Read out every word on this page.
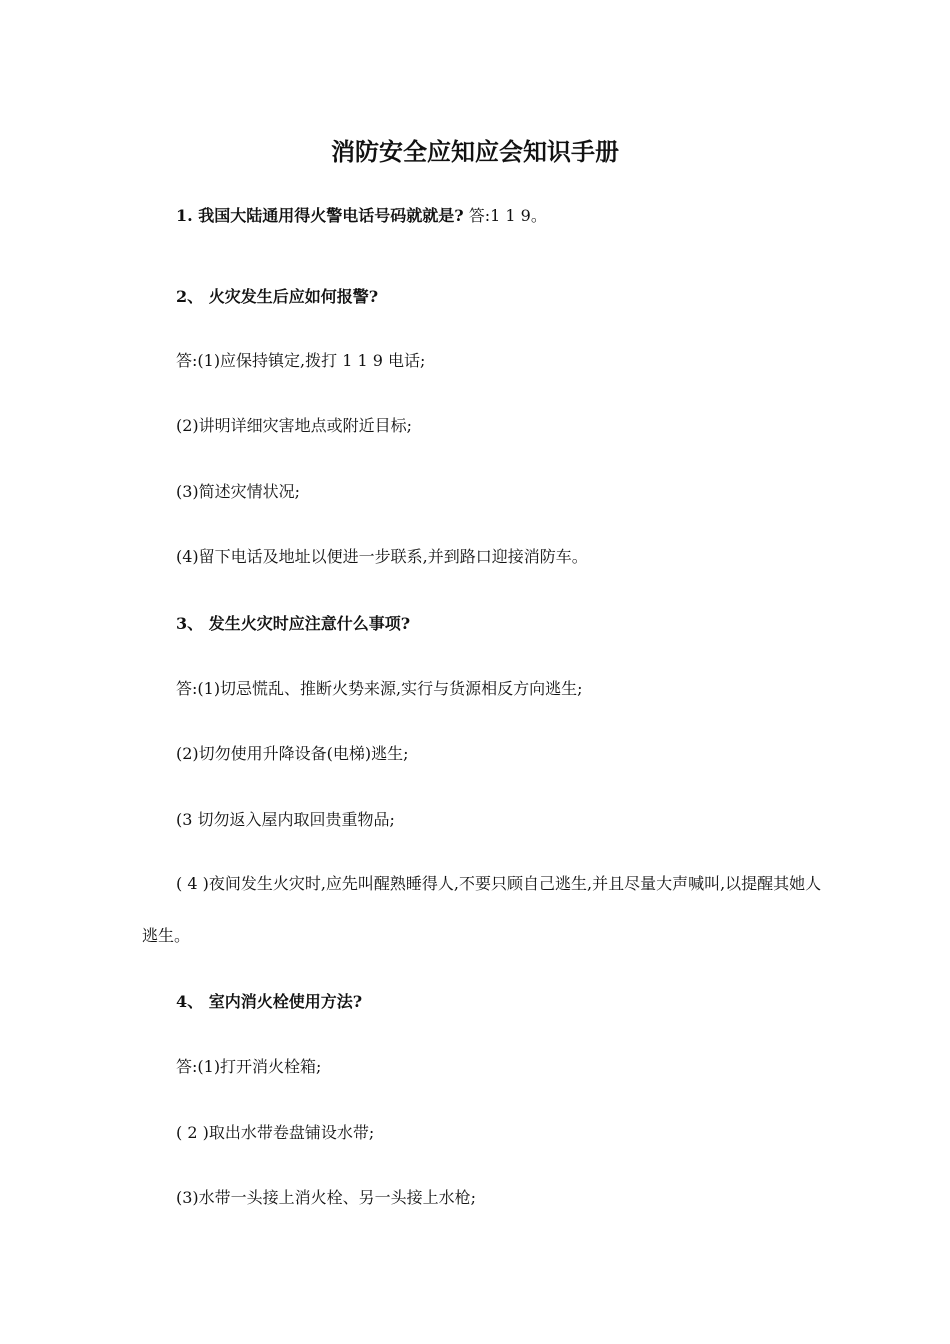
消防安全应知应会知识手册
1. 我国大陆通用得火警电话号码就就是? 答:1 1 9。
2、 火灾发生后应如何报警?
答:(1)应保持镇定,拨打 1 1 9 电话;
(2)讲明详细灾害地点或附近目标;
(3)简述灾情状况;
(4)留下电话及地址以便进一步联系,并到路口迎接消防车。
3、 发生火灾时应注意什么事项?
答:(1)切忌慌乱、推断火势来源,实行与货源相反方向逃生;
(2)切勿使用升降设备(电梯)逃生;
(3 切勿返入屋内取回贵重物品;
( 4 )夜间发生火灾时,应先叫醒熟睡得人,不要只顾自己逃生,并且尽量大声喊叫,以提醒其她人逃生。
4、 室内消火栓使用方法?
答:(1)打开消火栓箱;
( 2 )取出水带卷盘铺设水带;
(3)水带一头接上消火栓、另一头接上水枪;
